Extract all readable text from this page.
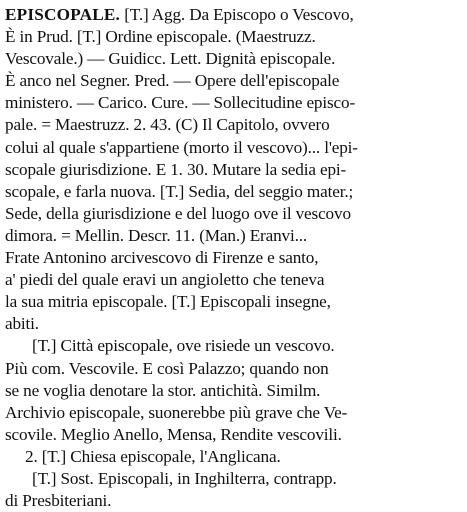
EPISCOPALE. [T.] Agg. Da Episcopo o Vescovo,
È in Prud. [T.] Ordine episcopale. (Maestruzz.
Vescovale.) — Guidicc. Lett. Dignità episcopale.
È anco nel Segner. Pred. — Opere dell'episcopale
ministero. — Carico. Cure. — Sollecitudine episco-
pale. = Maestruzz. 2. 43. (C) Il Capitolo, ovvero
colui al quale s'appartiene (morto il vescovo)... l'epi-
scopale giurisdizione. E 1. 30. Mutare la sedia epi-
scopale, e farla nuova. [T.] Sedia, del seggio mater.;
Sede, della giurisdizione e del luogo ove il vescovo
dimora. = Mellin. Descr. 11. (Man.) Eranvi...
Frate Antonino arcivescovo di Firenze e santo,
a' piedi del quale eravi un angioletto che teneva
la sua mitria episcopale. [T.] Episcopali insegne,
abiti.
[T.] Città episcopale, ove risiede un vescovo.
Più com. Vescovile. E così Palazzo; quando non
se ne voglia denotare la stor. antichità. Similm.
Archivio episcopale, suonerebbe più grave che Ve-
scovile. Meglio Anello, Mensa, Rendite vescovili.
2. [T.] Chiesa episcopale, l'Anglicana.
[T.] Sost. Episcopali, in Inghilterra, contrapp.
di Presbiteriani.
